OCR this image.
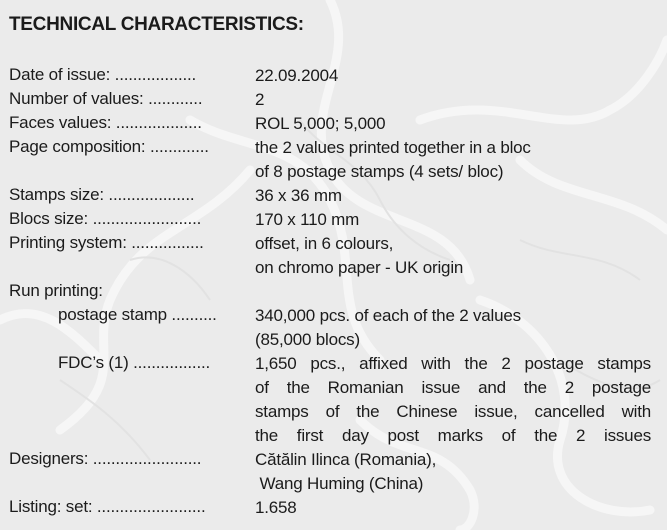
TECHNICAL CHARACTERISTICS:
Date of issue: ..................	22.09.2004
Number of values: ............	2
Faces values: ...................	ROL 5,000; 5,000
Page composition: .............	the 2 values printed together in a bloc
of 8 postage stamps (4 sets/ bloc)
Stamps size: ...................	36 x 36 mm
Blocs size: ........................	170 x 110 mm
Printing system: ................	offset, in 6 colours,
on chromo paper - UK origin
Run printing:
postage stamp .......... 340,000 pcs. of each of the 2 values
(85,000 blocs)
FDC’s (1) .................	1,650 pcs., affixed with the 2 postage stamps
of the Romanian issue and the 2 postage
stamps of the Chinese issue, cancelled with
the first day post marks of the 2 issues
Designers: ........................	Cătălin Ilinca (Romania),
Wang Huming (China)
Listing: set: ........................	1.658
